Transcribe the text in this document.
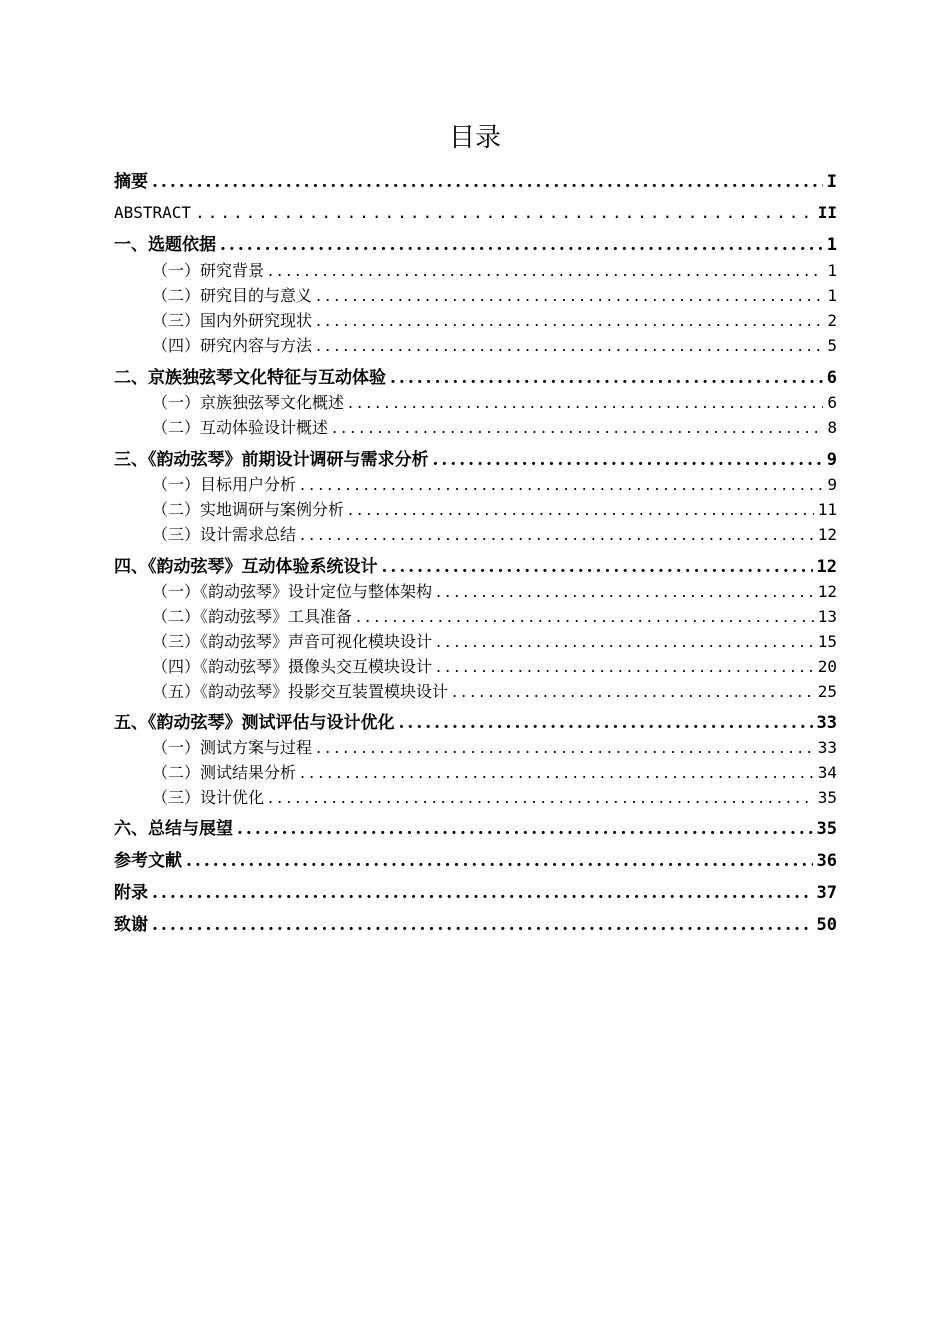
目录
摘要 .....	I
ABSTRACT .....	II
一、选题依据 .....	1
（一）研究背景 .....	1
（二）研究目的与意义 .....	1
（三）国内外研究现状 .....	2
（四）研究内容与方法 .....	5
二、京族独弦琴文化特征与互动体验 .....	6
（一）京族独弦琴文化概述 .....	6
（二）互动体验设计概述 .....	8
三、《韵动弦琴》前期设计调研与需求分析 .....	9
（一）目标用户分析 .....	9
（二）实地调研与案例分析 .....	11
（三）设计需求总结 .....	12
四、《韵动弦琴》互动体验系统设计 .....	12
（一）《韵动弦琴》设计定位与整体架构 .....	12
（二）《韵动弦琴》工具准备 .....	13
（三）《韵动弦琴》声音可视化模块设计 .....	15
（四）《韵动弦琴》摄像头交互模块设计 .....	20
（五）《韵动弦琴》投影交互装置模块设计 .....	25
五、《韵动弦琴》测试评估与设计优化 .....	33
（一）测试方案与过程 .....	33
（二）测试结果分析 .....	34
（三）设计优化 .....	35
六、总结与展望 .....	35
参考文献 .....	36
附录 .....	37
致谢 .....	50
